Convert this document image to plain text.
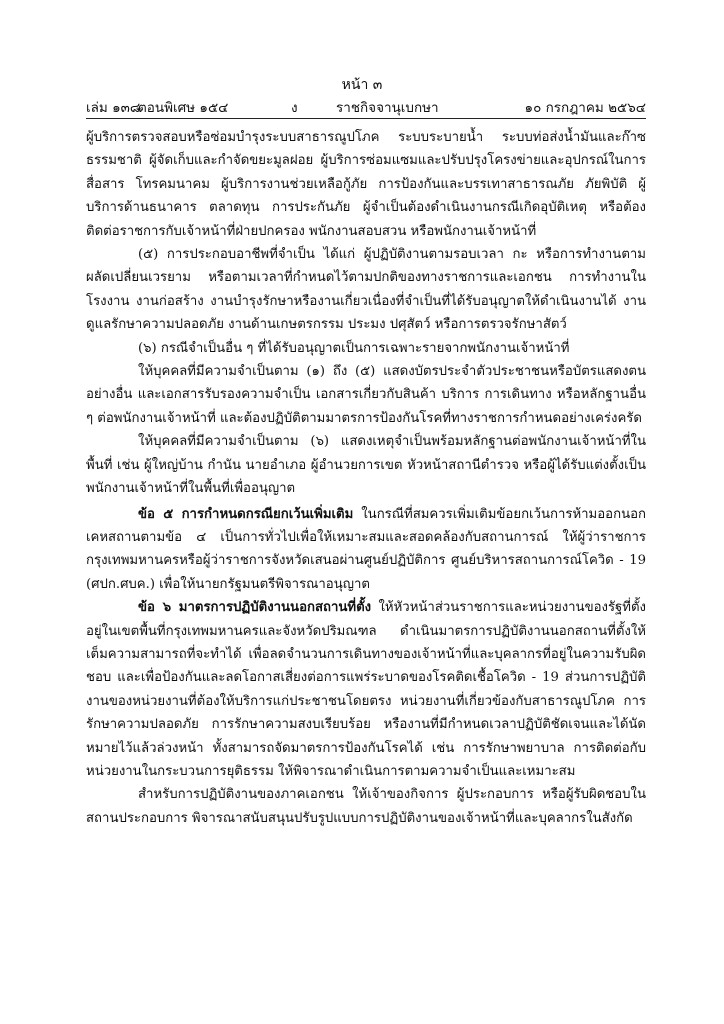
หน้า ๓
เล่ม ๑๓๘
ตอนพิเศษ ๑๕๔	ง	ราชกิจจานุเบกษา	๑๐ กรกฎาคม ๒๕๖๔

ผู้บริการตรวจสอบหรือซ่อมบำรุงระบบสาธารณูปโภค ระบบระบายน้ำ ระบบท่อส่งน้ำมันและก๊าซธรรมชาติ ผู้จัดเก็บและกำจัดขยะมูลฝอย ผู้บริการซ่อมแซมและปรับปรุงโครงข่ายและอุปกรณ์ในการสื่อสาร โทรคมนาคม ผู้บริการงานช่วยเหลือกู้ภัย การป้องกันและบรรเทาสาธารณภัย ภัยพิบัติ ผู้บริการด้านธนาคาร ตลาดทุน การประกันภัย ผู้จำเป็นต้องดำเนินงานกรณีเกิดอุบัติเหตุ หรือต้องติดต่อราชการกับเจ้าหน้าที่ฝ่ายปกครอง พนักงานสอบสวน หรือพนักงานเจ้าหน้าที่

(๕) การประกอบอาชีพที่จำเป็น ได้แก่ ผู้ปฏิบัติงานตามรอบเวลา กะ หรือการทำงานตามผลัดเปลี่ยนเวรยาม หรือตามเวลาที่กำหนดไว้ตามปกติของทางราชการและเอกชน การทำงานในโรงงาน งานก่อสร้าง งานบำรุงรักษาหรืองานเกี่ยวเนื่องที่จำเป็นที่ได้รับอนุญาตให้ดำเนินงานได้ งานดูแลรักษาความปลอดภัย งานด้านเกษตรกรรม ประมง ปศุสัตว์ หรือการตรวจรักษาสัตว์

(๖) กรณีจำเป็นอื่น ๆ ที่ได้รับอนุญาตเป็นการเฉพาะรายจากพนักงานเจ้าหน้าที่

ให้บุคคลที่มีความจำเป็นตาม (๑) ถึง (๕) แสดงบัตรประจำตัวประชาชนหรือบัตรแสดงตนอย่างอื่น และเอกสารรับรองความจำเป็น เอกสารเกี่ยวกับสินค้า บริการ การเดินทาง หรือหลักฐานอื่น ๆ ต่อพนักงานเจ้าหน้าที่ และต้องปฏิบัติตามมาตรการป้องกันโรคที่ทางราชการกำหนดอย่างเคร่งครัด

ให้บุคคลที่มีความจำเป็นตาม (๖) แสดงเหตุจำเป็นพร้อมหลักฐานต่อพนักงานเจ้าหน้าที่ในพื้นที่ เช่น ผู้ใหญ่บ้าน กำนัน นายอำเภอ ผู้อำนวยการเขต หัวหน้าสถานีตำรวจ หรือผู้ได้รับแต่งตั้งเป็นพนักงานเจ้าหน้าที่ในพื้นที่เพื่ออนุญาต

ข้อ ๕ การกำหนดกรณียกเว้นเพิ่มเติม ในกรณีที่สมควรเพิ่มเติมข้อยกเว้นการห้ามออกนอกเคหสถานตามข้อ ๔ เป็นการทั่วไปเพื่อให้เหมาะสมและสอดคล้องกับสถานการณ์ ให้ผู้ว่าราชการกรุงเทพมหานครหรือผู้ว่าราชการจังหวัดเสนอผ่านศูนย์ปฏิบัติการ ศูนย์บริหารสถานการณ์โควิด - 19 (ศปก.ศบค.) เพื่อให้นายกรัฐมนตรีพิจารณาอนุญาต

ข้อ ๖ มาตรการปฏิบัติงานนอกสถานที่ตั้ง ให้หัวหน้าส่วนราชการและหน่วยงานของรัฐที่ตั้งอยู่ในเขตพื้นที่กรุงเทพมหานครและจังหวัดปริมณฑล ดำเนินมาตรการปฏิบัติงานนอกสถานที่ตั้งให้เต็มความสามารถที่จะทำได้ เพื่อลดจำนวนการเดินทางของเจ้าหน้าที่และบุคลากรที่อยู่ในความรับผิดชอบ และเพื่อป้องกันและลดโอกาสเสี่ยงต่อการแพร่ระบาดของโรคติดเชื้อโควิด - 19 ส่วนการปฏิบัติงานของหน่วยงานที่ต้องให้บริการแก่ประชาชนโดยตรง หน่วยงานที่เกี่ยวข้องกับสาธารณูปโภค การรักษาความปลอดภัย การรักษาความสงบเรียบร้อย หรืองานที่มีกำหนดเวลาปฏิบัติชัดเจนและได้นัดหมายไว้แล้วล่วงหน้า ทั้งสามารถจัดมาตรการป้องกันโรคได้ เช่น การรักษาพยาบาล การติดต่อกับหน่วยงานในกระบวนการยุติธรรม ให้พิจารณาดำเนินการตามความจำเป็นและเหมาะสม

สำหรับการปฏิบัติงานของภาคเอกชน ให้เจ้าของกิจการ ผู้ประกอบการ หรือผู้รับผิดชอบในสถานประกอบการ พิจารณาสนับสนุนปรับรูปแบบการปฏิบัติงานของเจ้าหน้าที่และบุคลากรในสังกัด
